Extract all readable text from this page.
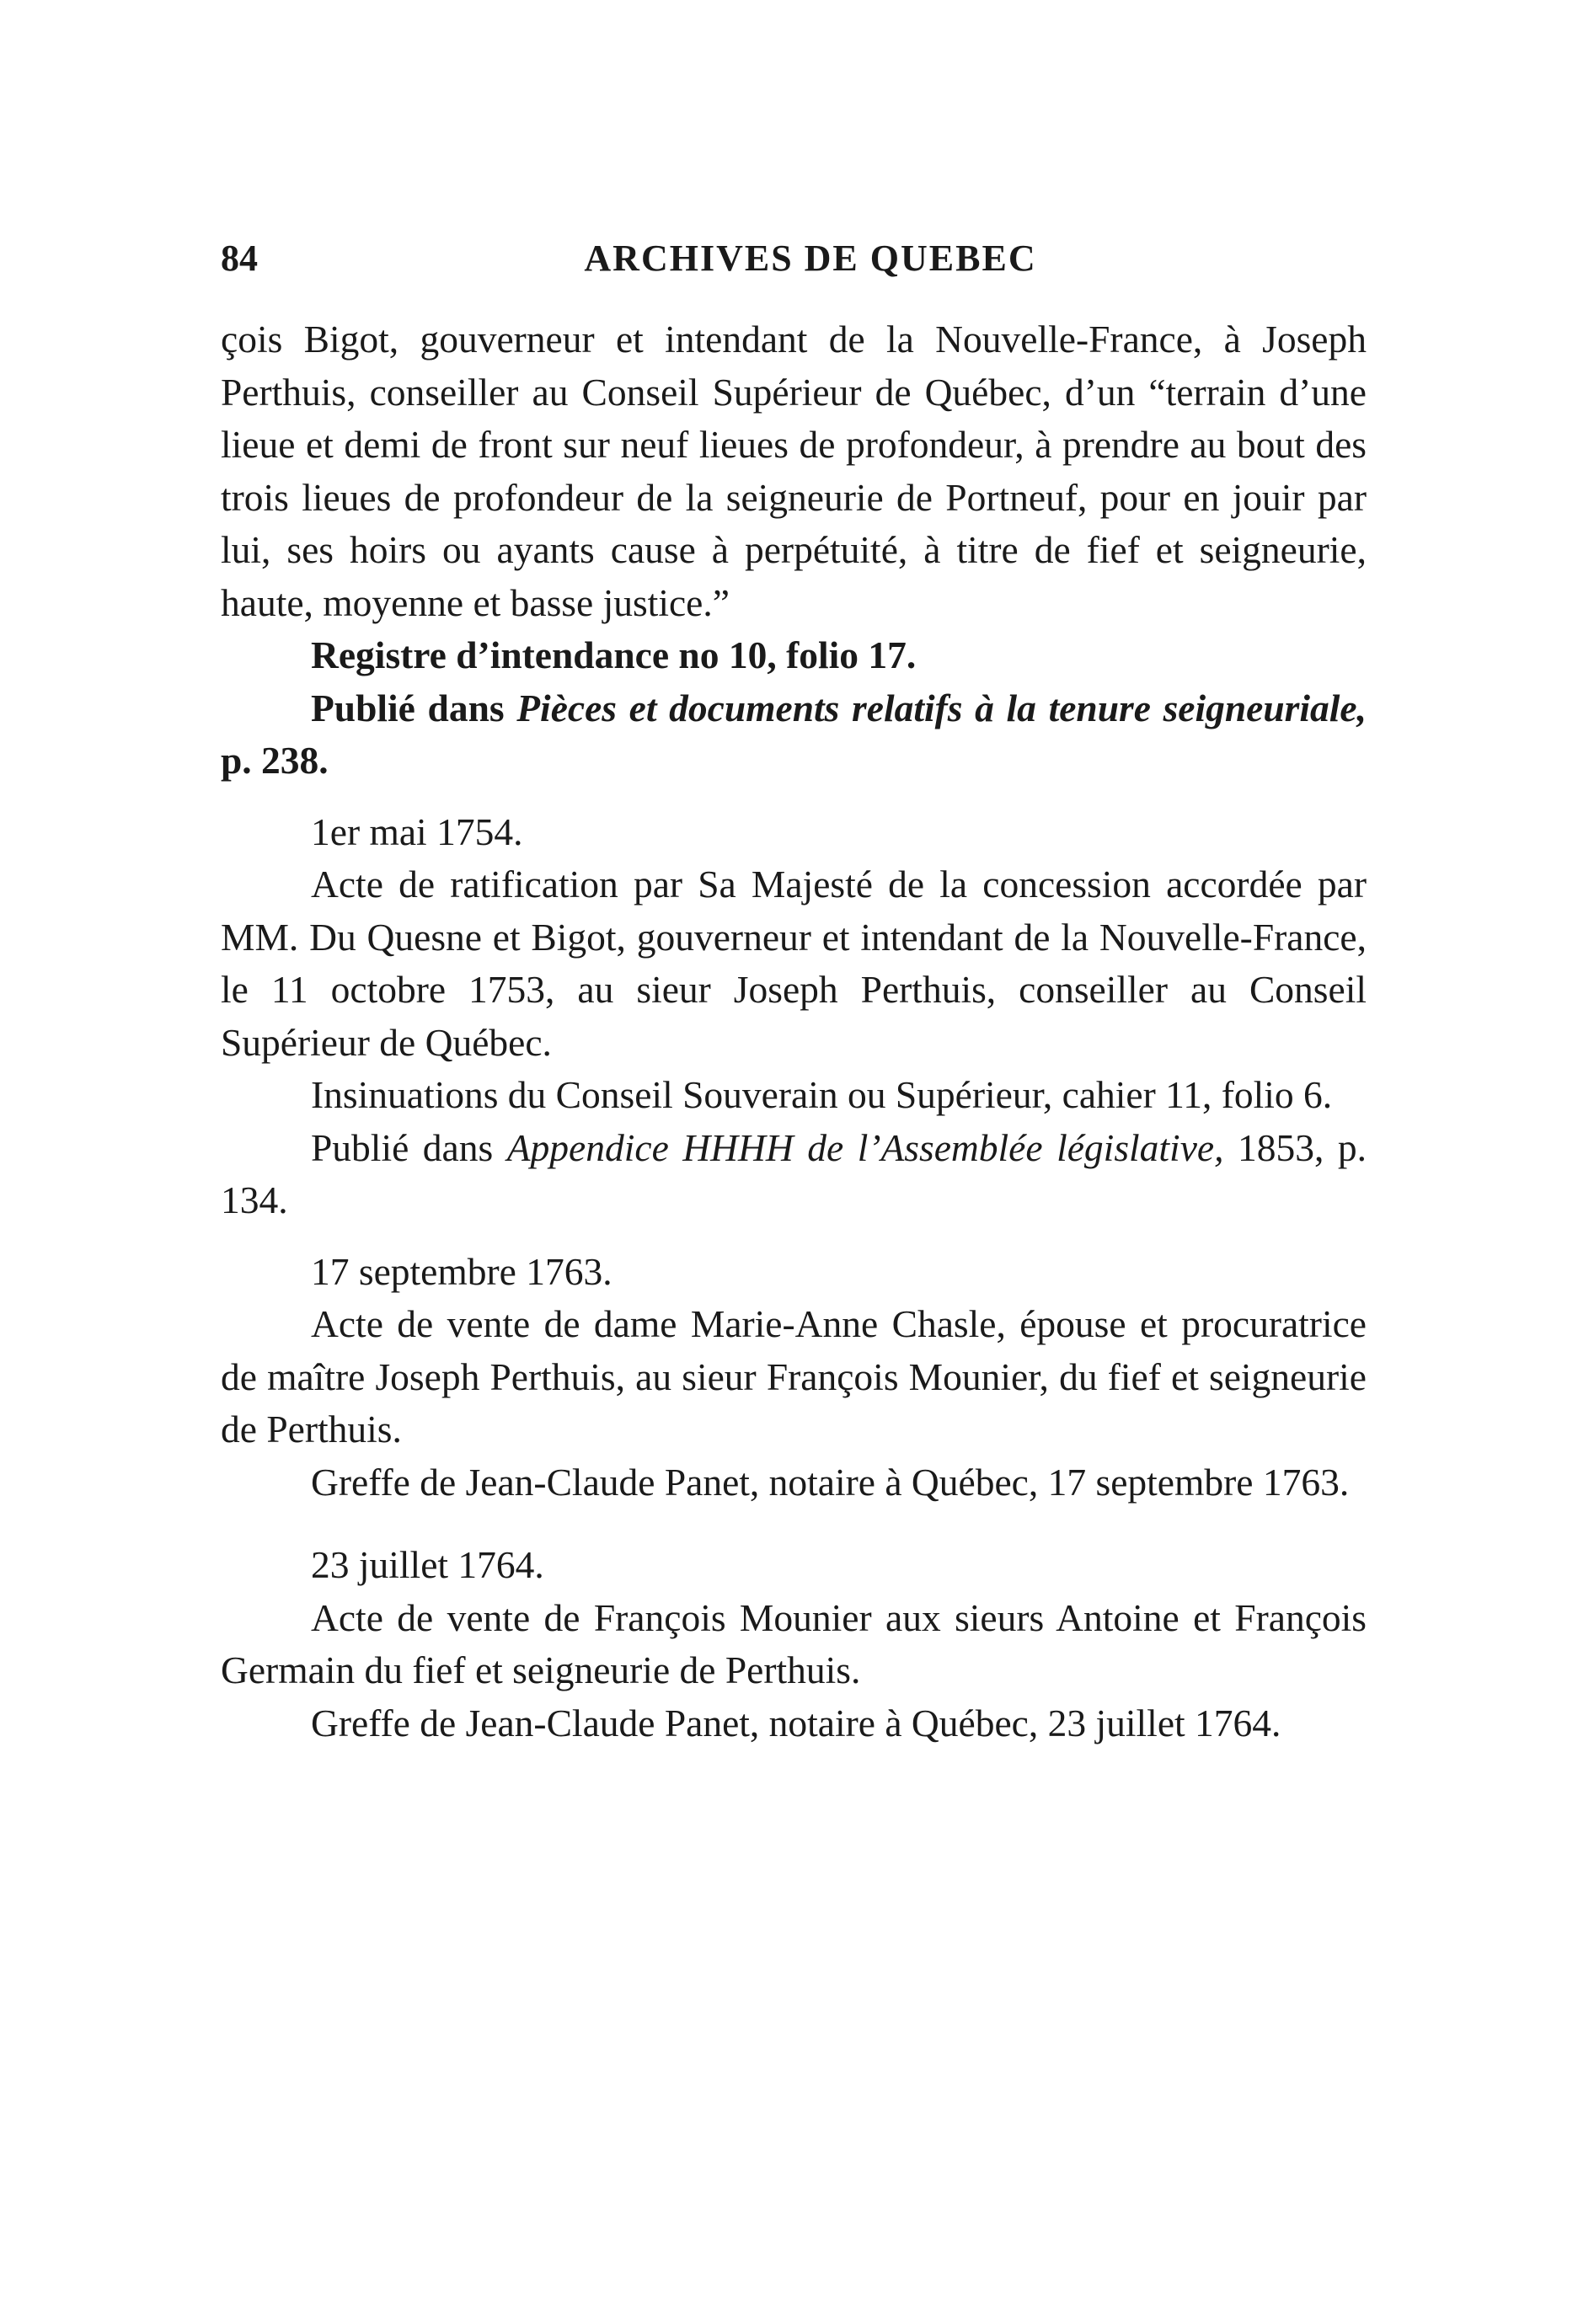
84	ARCHIVES DE QUEBEC

çois Bigot, gouverneur et intendant de la Nouvelle-France, à Joseph Perthuis, conseiller au Conseil Supérieur de Québec, d’un “terrain d’une lieue et demi de front sur neuf lieues de profondeur, à prendre au bout des trois lieues de profondeur de la seigneurie de Portneuf, pour en jouir par lui, ses hoirs ou ayants cause à perpétuité, à titre de fief et seigneurie, haute, moyenne et basse justice.”

Registre d’intendance no 10, folio 17.

Publié dans Pièces et documents relatifs à la tenure seigneuriale, p. 238.

1er mai 1754.

Acte de ratification par Sa Majesté de la concession accordée par MM. Du Quesne et Bigot, gouverneur et intendant de la Nouvelle-France, le 11 octobre 1753, au sieur Joseph Perthuis, conseiller au Conseil Supérieur de Québec.

Insinuations du Conseil Souverain ou Supérieur, cahier 11, folio 6.

Publié dans Appendice HHHH de l’Assemblée législative, 1853, p. 134.

17 septembre 1763.

Acte de vente de dame Marie-Anne Chasle, épouse et procuratrice de maître Joseph Perthuis, au sieur François Mounier, du fief et seigneurie de Perthuis.

Greffe de Jean-Claude Panet, notaire à Québec, 17 septembre 1763.

23 juillet 1764.

Acte de vente de François Mounier aux sieurs Antoine et François Germain du fief et seigneurie de Perthuis.

Greffe de Jean-Claude Panet, notaire à Québec, 23 juillet 1764.
